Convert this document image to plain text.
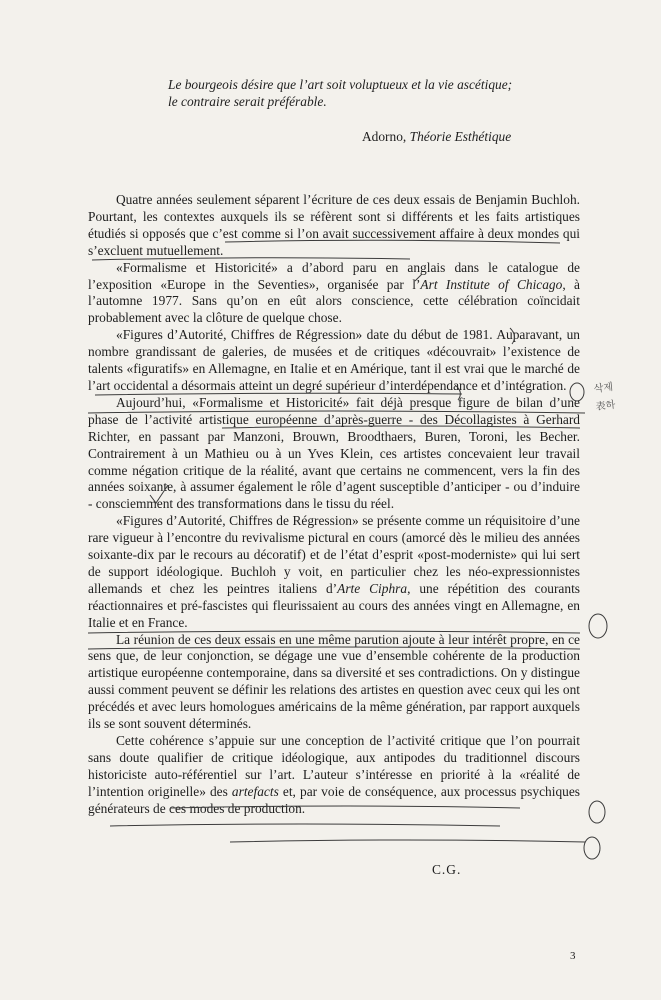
Le bourgeois désire que l’art soit voluptueux et la vie ascétique;
le contraire serait préférable.
Adorno, Théorie Esthétique

Quatre années seulement séparent l’écriture de ces deux essais de Benjamin Buchloh. Pourtant, les contextes auxquels ils se réfèrent sont si différents et les faits artistiques étudiés si opposés que c’est comme si l’on avait successivement affaire à deux mondes qui s’excluent mutuellement.

«Formalisme et Historicité» a d’abord paru en anglais dans le catalogue de l’exposition «Europe in the Seventies», organisée par l’Art Institute of Chicago, à l’automne 1977. Sans qu’on en eût alors conscience, cette célébration coïncidait probablement avec la clôture de quelque chose.

«Figures d’Autorité, Chiffres de Régression» date du début de 1981. Auparavant, un nombre grandissant de galeries, de musées et de critiques «découvrait» l’existence de talents «figuratifs» en Allemagne, en Italie et en Amérique, tant il est vrai que le marché de l’art occidental a désormais atteint un degré supérieur d’interdépendance et d’intégration.

Aujourd’hui, «Formalisme et Historicité» fait déjà presque figure de bilan d’une phase de l’activité artistique européenne d’après-guerre - des Décollagistes à Gerhard Richter, en passant par Manzoni, Brouwn, Broodthaers, Buren, Toroni, les Becher. Contrairement à un Mathieu ou à un Yves Klein, ces artistes concevaient leur travail comme négation critique de la réalité, avant que certains ne commencent, vers la fin des années soixante, à assumer également le rôle d’agent susceptible d’anticiper - ou d’induire - consciemment des transformations dans le tissu du réel.

«Figures d’Autorité, Chiffres de Régression» se présente comme un réquisitoire d’une rare vigueur à l’encontre du revivalisme pictural en cours (amorcé dès le milieu des années soixante-dix par le recours au décoratif) et de l’état d’esprit «post-moderniste» qui lui sert de support idéologique. Buchloh y voit, en particulier chez les néo-expressionnistes allemands et chez les peintres italiens d’Arte Ciphra, une répétition des courants réactionnaires et pré-fascistes qui fleurissaient au cours des années vingt en Allemagne, en Italie et en France.

La réunion de ces deux essais en une même parution ajoute à leur intérêt propre, en ce sens que, de leur conjonction, se dégage une vue d’ensemble cohérente de la production artistique européenne contemporaine, dans sa diversité et ses contradictions. On y distingue aussi comment peuvent se définir les relations des artistes en question avec ceux qui les ont précédés et avec leurs homologues américains de la même génération, par rapport auxquels ils se sont souvent déterminés.

Cette cohérence s’appuie sur une conception de l’activité critique que l’on pourrait sans doute qualifier de critique idéologique, aux antipodes du traditionnel discours historiciste auto-référentiel sur l’art. L’auteur s’intéresse en priorité à la «réalité de l’intention originelle» des artefacts et, par voie de conséquence, aux processus psychiques générateurs de ces modes de production.

C.G.
3
삭제
表하
